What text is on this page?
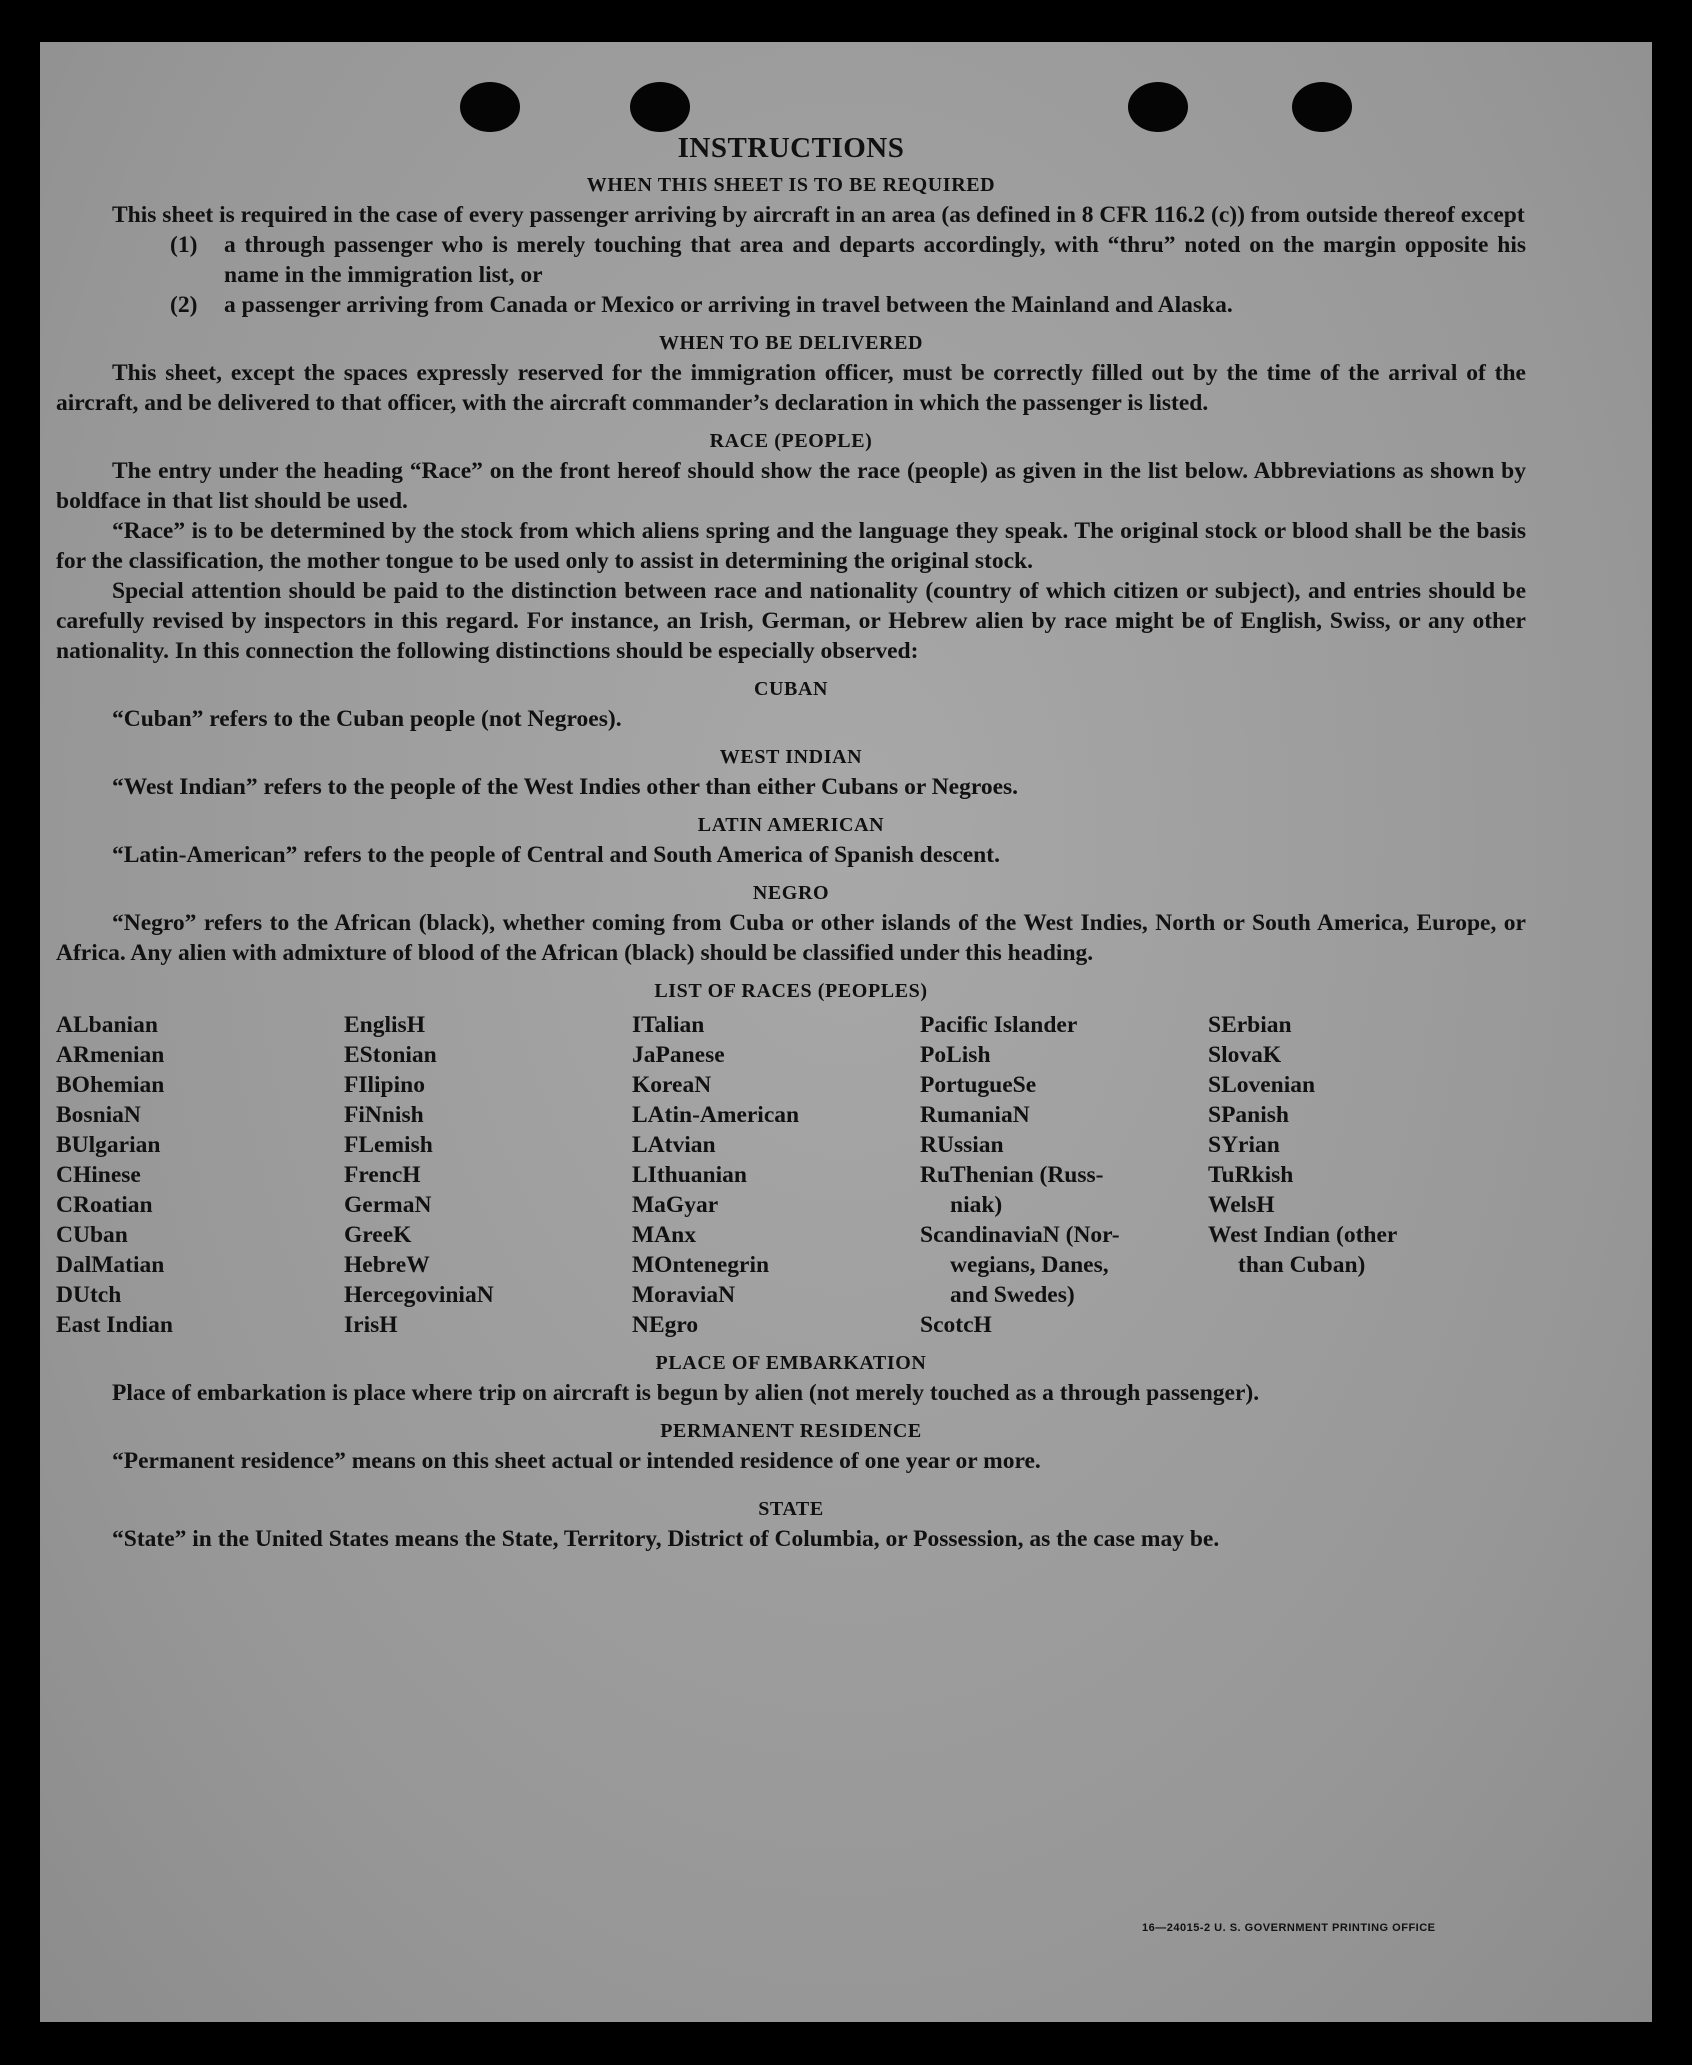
INSTRUCTIONS
WHEN THIS SHEET IS TO BE REQUIRED

This sheet is required in the case of every passenger arriving by aircraft in an area (as defined in 8 CFR 116.2 (c)) from outside thereof except

(1)	a through passenger who is merely touching that area and departs accordingly, with “thru” noted on the margin opposite his name in the immigration list, or
(2)	a passenger arriving from Canada or Mexico or arriving in travel between the Mainland and Alaska.
WHEN TO BE DELIVERED

This sheet, except the spaces expressly reserved for the immigration officer, must be correctly filled out by the time of the arrival of the aircraft, and be delivered to that officer, with the aircraft commander’s declaration in which the passenger is listed.

RACE (PEOPLE)

The entry under the heading “Race” on the front hereof should show the race (people) as given in the list below. Abbreviations as shown by boldface in that list should be used.

“Race” is to be determined by the stock from which aliens spring and the language they speak. The original stock or blood shall be the basis for the classification, the mother tongue to be used only to assist in determining the original stock.

Special attention should be paid to the distinction between race and nationality (country of which citizen or subject), and entries should be carefully revised by inspectors in this regard. For instance, an Irish, German, or Hebrew alien by race might be of English, Swiss, or any other nationality. In this connection the following distinctions should be especially observed:

CUBAN

“Cuban” refers to the Cuban people (not Negroes).

WEST INDIAN

“West Indian” refers to the people of the West Indies other than either Cubans or Negroes.

LATIN AMERICAN

“Latin-American” refers to the people of Central and South America of Spanish descent.

NEGRO

“Negro” refers to the African (black), whether coming from Cuba or other islands of the West Indies, North or South America, Europe, or Africa. Any alien with admixture of blood of the African (black) should be classified under this heading.

LIST OF RACES (PEOPLES)
ALbanian
ARmenian
BOhemian
BosniaN
BUlgarian
CHinese
CRoatian
CUban
DalMatian
DUtch
East Indian
EnglisH
EStonian
FIlipino
FiNnish
FLemish
FrencH
GermaN
GreeK
HebreW
HercegoviniaN
IrisH
ITalian
JaPanese
KoreaN
LAtin-American
LAtvian
LIthuanian
MaGyar
MAnx
MOntenegrin
MoraviaN
NEgro
Pacific Islander
PoLish
PortugueSe
RumaniaN
RUssian
RuThenian (Russ-
niak)
ScandinaviaN (Nor-
wegians, Danes,
and Swedes)
ScotcH
SErbian
SlovaK
SLovenian
SPanish
SYrian
TuRkish
WelsH
West Indian (other
than Cuban)
PLACE OF EMBARKATION

Place of embarkation is place where trip on aircraft is begun by alien (not merely touched as a through passenger).

PERMANENT RESIDENCE

“Permanent residence” means on this sheet actual or intended residence of one year or more.

STATE

“State” in the United States means the State, Territory, District of Columbia, or Possession, as the case may be.

16—24015-2 U. S. GOVERNMENT PRINTING OFFICE
